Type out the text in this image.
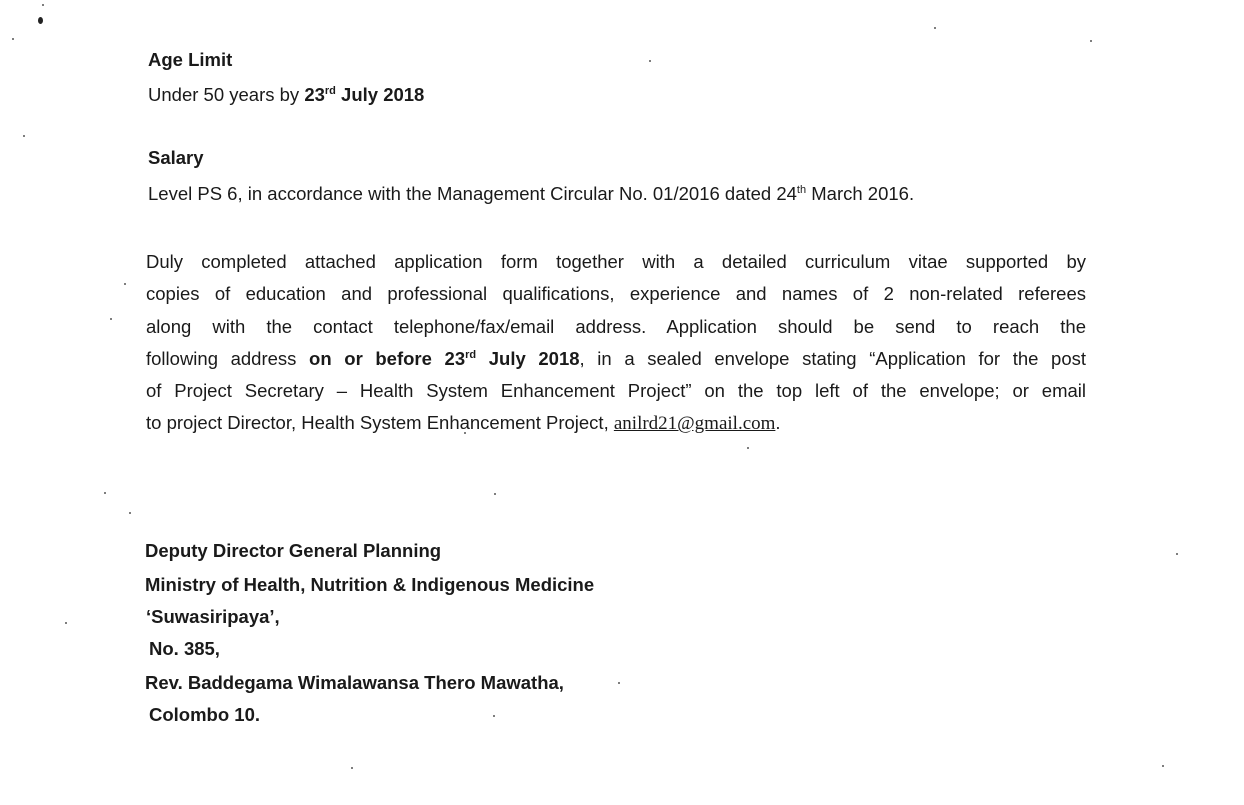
Age Limit
Under 50 years by 23rd July 2018
Salary
Level PS 6, in accordance with the Management Circular No. 01/2016 dated 24th March 2016.
Duly completed attached application form together with a detailed curriculum vitae supported by
copies of education and professional qualifications, experience and names of 2 non-related referees
along with the contact telephone/fax/email address. Application should be send to reach the
following address on or before 23rd July 2018, in a sealed envelope stating “Application for the post
of Project Secretary – Health System Enhancement Project” on the top left of the envelope; or email
to project Director, Health System Enhancement Project, anilrd21@gmail.com.
Deputy Director General Planning
Ministry of Health, Nutrition & Indigenous Medicine
‘Suwasiripaya’,
No. 385,
Rev. Baddegama Wimalawansa Thero Mawatha,
Colombo 10.
